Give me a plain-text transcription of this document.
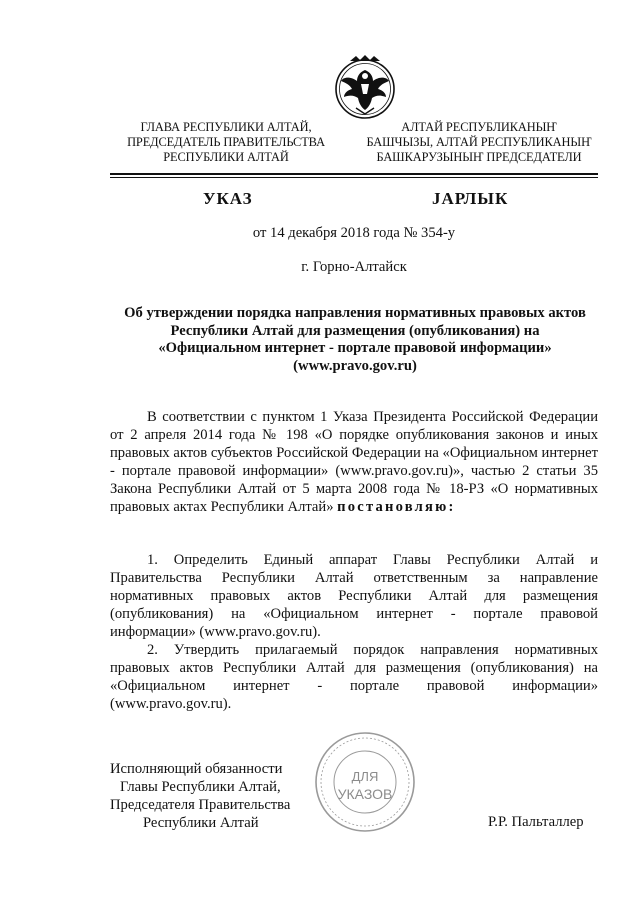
ГЛАВА РЕСПУБЛИКИ АЛТАЙ,
ПРЕДСЕДАТЕЛЬ ПРАВИТЕЛЬСТВА
РЕСПУБЛИКИ АЛТАЙ
АЛТАЙ РЕСПУБЛИКАНЫҤ
БАШЧЫЗЫ, АЛТАЙ РЕСПУБЛИКАНЫҤ
БАШКАРУЗЫНЫҤ ПРЕДСЕДАТЕЛИ
УКАЗ	JАРЛЫК
от 14 декабря 2018 года № 354-у
г. Горно-Алтайск
Об утверждении порядка направления нормативных правовых актов Республики Алтай для размещения (опубликования) на «Официальном интернет - портале правовой информации» (www.pravo.gov.ru)
В соответствии с пунктом 1 Указа Президента Российской Федерации от 2 апреля 2014 года № 198 «О порядке опубликования законов и иных правовых актов субъектов Российской Федерации на «Официальном интернет - портале правовой информации» (www.pravo.gov.ru)», частью 2 статьи 35 Закона Республики Алтай от 5 марта 2008 года № 18-РЗ «О нормативных правовых актах Республики Алтай» постановляю:
1. Определить Единый аппарат Главы Республики Алтай и Правительства Республики Алтай ответственным за направление нормативных правовых актов Республики Алтай для размещения (опубликования) на «Официальном интернет - портале правовой информации» (www.pravo.gov.ru).
2. Утвердить прилагаемый порядок направления нормативных правовых актов Республики Алтай для размещения (опубликования) на «Официальном интернет - портале правовой информации» (www.pravo.gov.ru).
ДЛЯ
УКАЗОВ
Исполняющий обязанности
Главы Республики Алтай,
Председателя Правительства
Республики Алтай	Р.Р. Пальталлер
